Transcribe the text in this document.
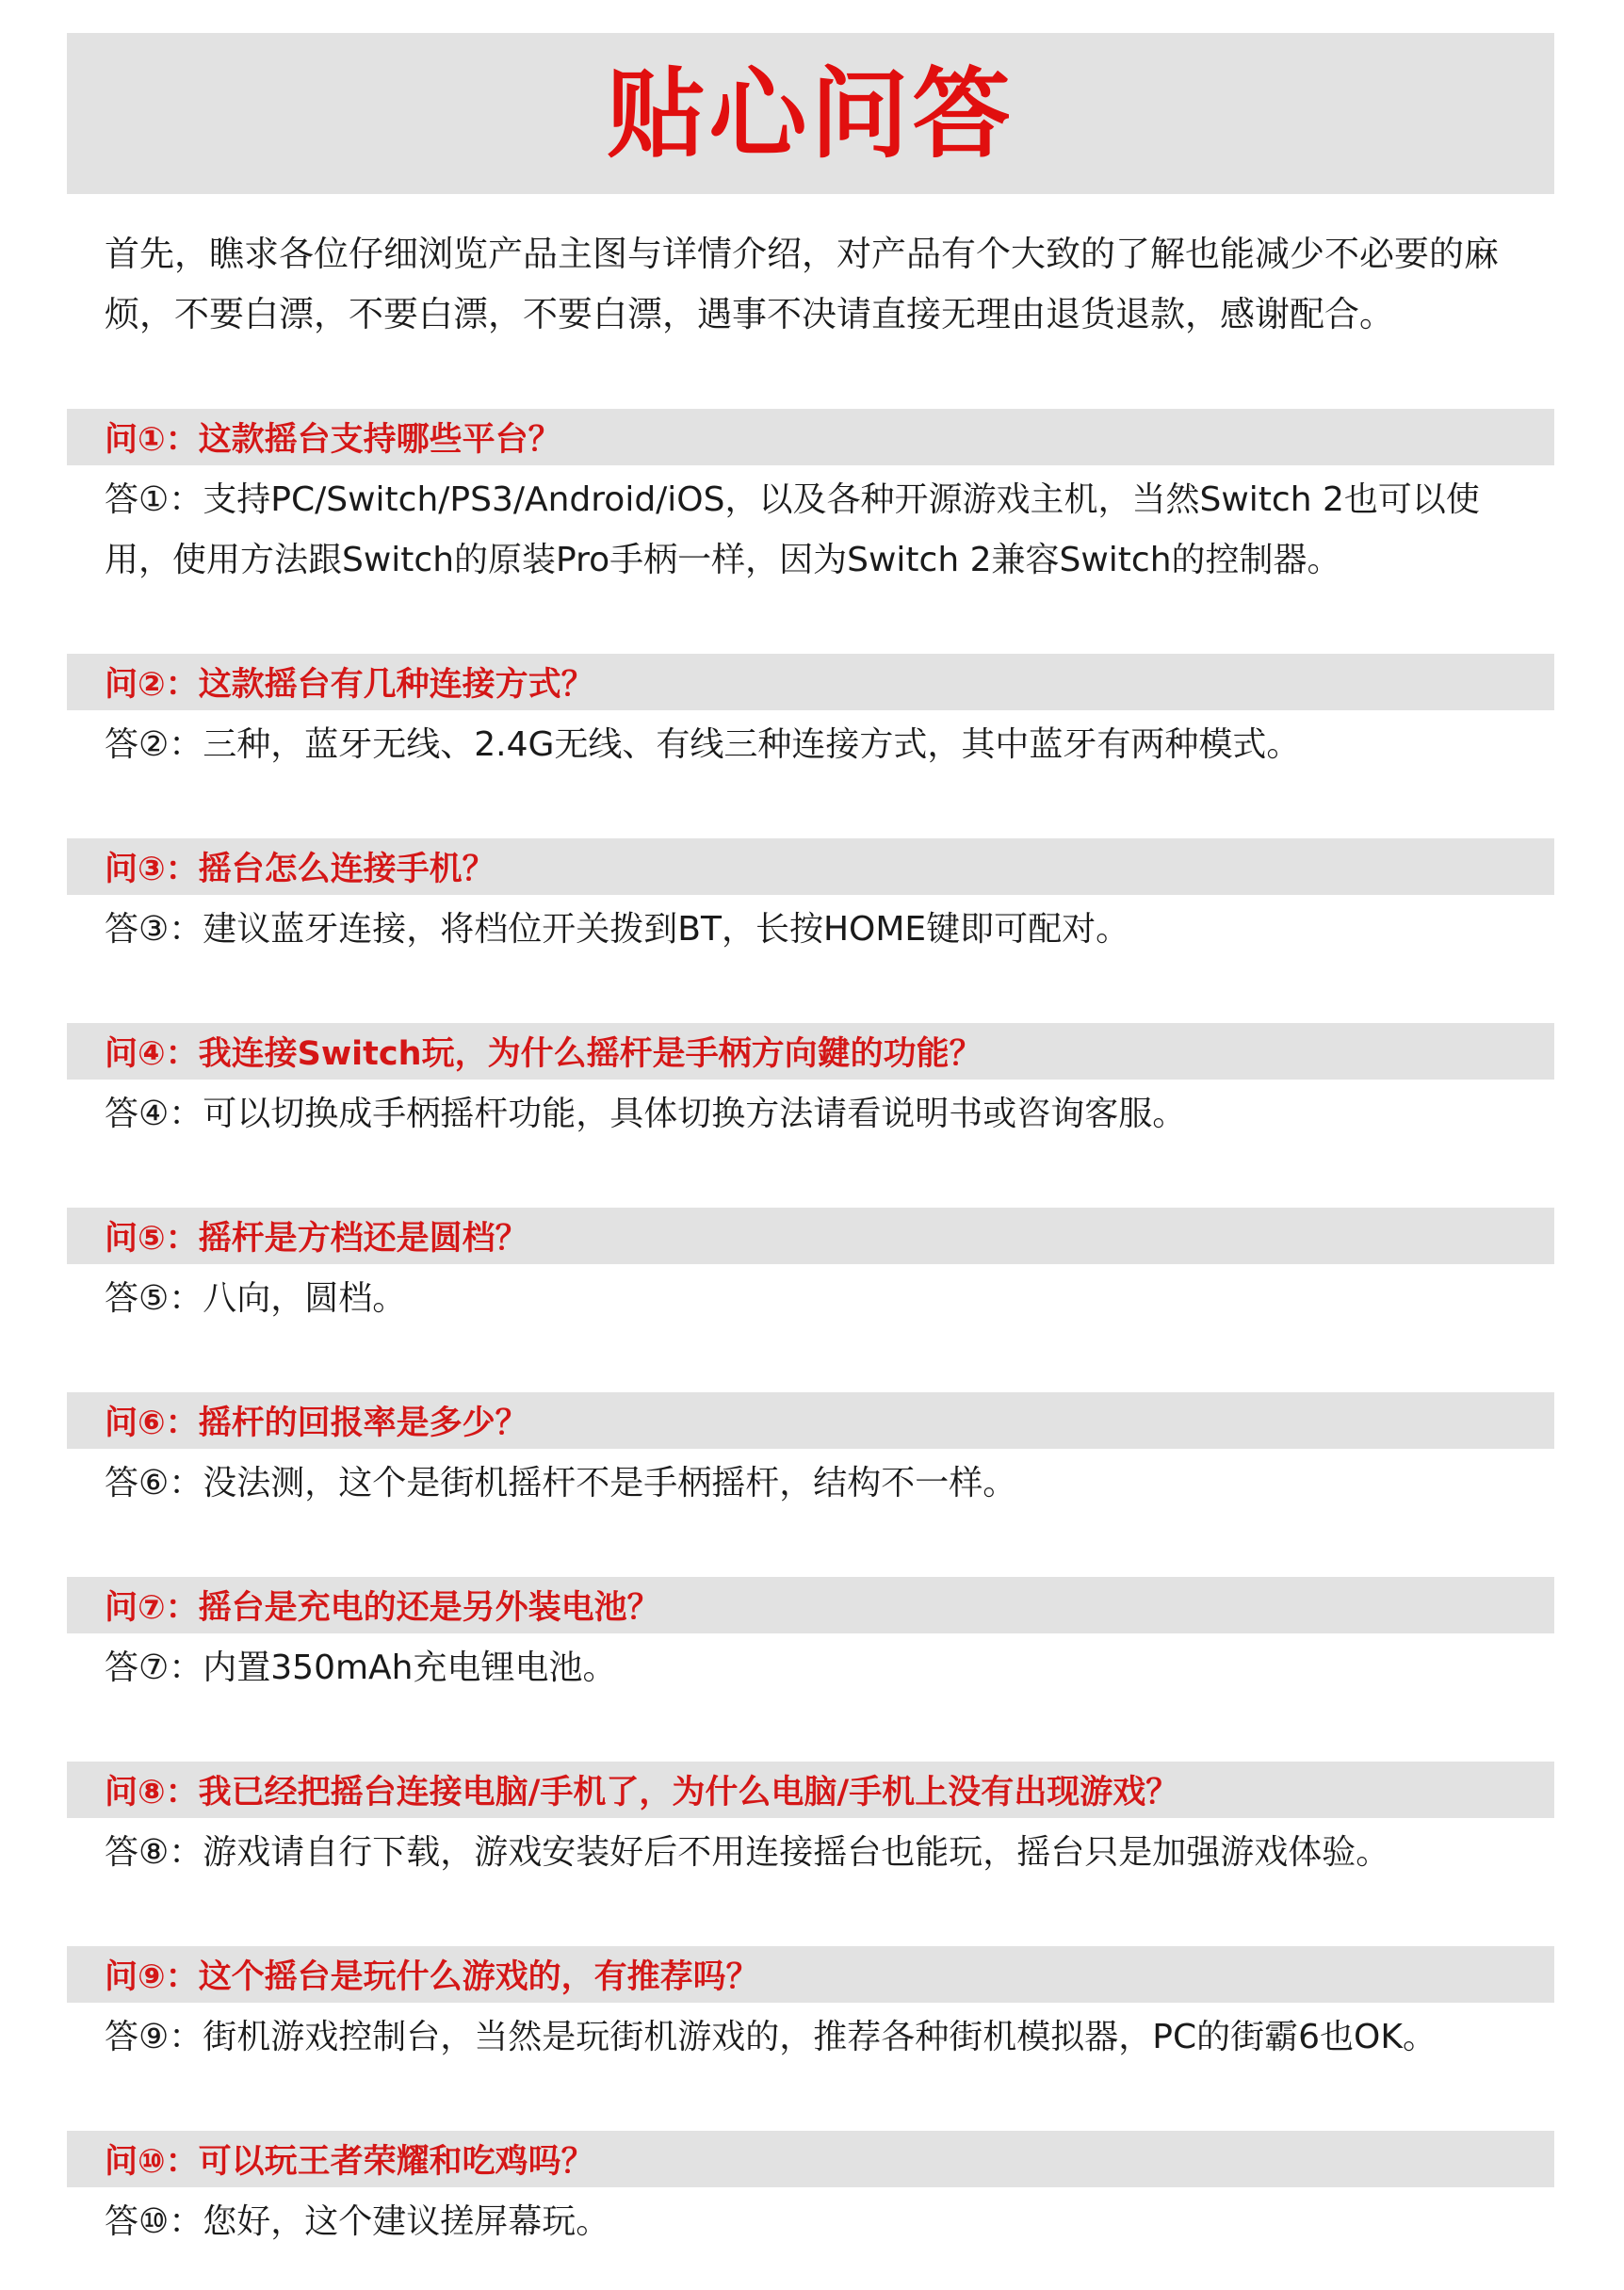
贴心问答

首先，瞧求各位仔细浏览产品主图与详情介绍，对产品有个大致的了解也能减少不必要的麻烦，不要白漂，不要白漂，不要白漂，遇事不决请直接无理由退货退款，感谢配合。

问①：这款摇台支持哪些平台？

答①：支持PC/Switch/PS3/Android/iOS，以及各种开源游戏主机，当然Switch 2也可以使用，使用方法跟Switch的原装Pro手柄一样，因为Switch 2兼容Switch的控制器。

问②：这款摇台有几种连接方式？

答②：三种，蓝牙无线、2.4G无线、有线三种连接方式，其中蓝牙有两种模式。

问③：摇台怎么连接手机？

答③：建议蓝牙连接，将档位开关拨到BT，长按HOME键即可配对。

问④：我连接Switch玩，为什么摇杆是手柄方向鍵的功能？

答④：可以切换成手柄摇杆功能，具体切换方法请看说明书或咨询客服。

问⑤：摇杆是方档还是圆档？

答⑤：八向，圆档。

问⑥：摇杆的回报率是多少？

答⑥：没法测，这个是街机摇杆不是手柄摇杆，结构不一样。

问⑦：摇台是充电的还是另外装电池？

答⑦：内置350mAh充电锂电池。

问⑧：我已经把摇台连接电脑/手机了，为什么电脑/手机上没有出现游戏？

答⑧：游戏请自行下载，游戏安装好后不用连接摇台也能玩，摇台只是加强游戏体验。

问⑨：这个摇台是玩什么游戏的，有推荐吗？

答⑨：街机游戏控制台，当然是玩街机游戏的，推荐各种街机模拟器，PC的街霸6也OK。

问⑩：可以玩王者荣耀和吃鸡吗？

答⑩：您好，这个建议搓屏幕玩。
